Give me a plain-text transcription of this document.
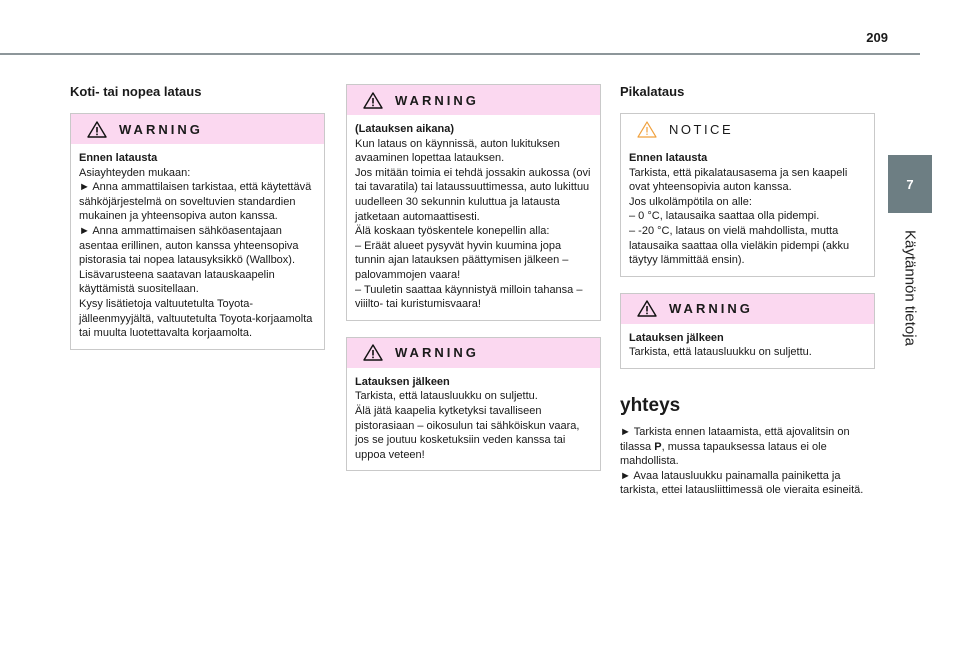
209
7
Käytännön tietoja
Koti- tai nopea lataus
WARNING

Ennen latausta

Asiayhteyden mukaan:

► Anna ammattilaisen tarkistaa, että käytettävä sähköjärjestelmä on soveltuvien standardien mukainen ja yhteensopiva auton kanssa.

► Anna ammattimaisen sähköasentajaan asentaa erillinen, auton kanssa yhteensopiva pistorasia tai nopea latausyksikkö (Wallbox).

Lisävarusteena saatavan latauskaapelin käyttämistä suositellaan.

Kysy lisätietoja valtuutetulta Toyota-jälleenmyyjältä, valtuutetulta Toyota-korjaamolta tai muulta luotettavalta korjaamolta.

WARNING

(Latauksen aikana)

Kun lataus on käynnissä, auton lukituksen avaaminen lopettaa latauksen.

Jos mitään toimia ei tehdä jossakin aukossa (ovi tai tavaratila) tai lataussuuttimessa, auto lukittuu uudelleen 30 sekunnin kuluttua ja latausta jatketaan automaattisesti.

Älä koskaan työskentele konepellin alla:

– Eräät alueet pysyvät hyvin kuumina jopa tunnin ajan latauksen päättymisen jälkeen – palovammojen vaara!

– Tuuletin saattaa käynnistyä milloin tahansa – viiilto- tai kuristumisvaara!

WARNING

Latauksen jälkeen

Tarkista, että latausluukku on suljettu.

Älä jätä kaapelia kytketyksi tavalliseen pistorasiaan – oikosulun tai sähköiskun vaara, jos se joutuu kosketuksiin veden kanssa tai uppoa veteen!

Pikalataus
NOTICE

Ennen latausta

Tarkista, että pikalatausasema ja sen kaapeli ovat yhteensopivia auton kanssa.

Jos ulkolämpötila on alle:

– 0 °C, latausaika saattaa olla pidempi.

– -20 °C, lataus on vielä mahdollista, mutta latausaika saattaa olla vieläkin pidempi (akku täytyy lämmittää ensin).

WARNING

Latauksen jälkeen

Tarkista, että latausluukku on suljettu.

yhteys

► Tarkista ennen lataamista, että ajovalitsin on tilassa P, mussa tapauksessa lataus ei ole mahdollista.

► Avaa latausluukku painamalla painiketta ja tarkista, ettei latausliittimessä ole vieraita esineitä.
